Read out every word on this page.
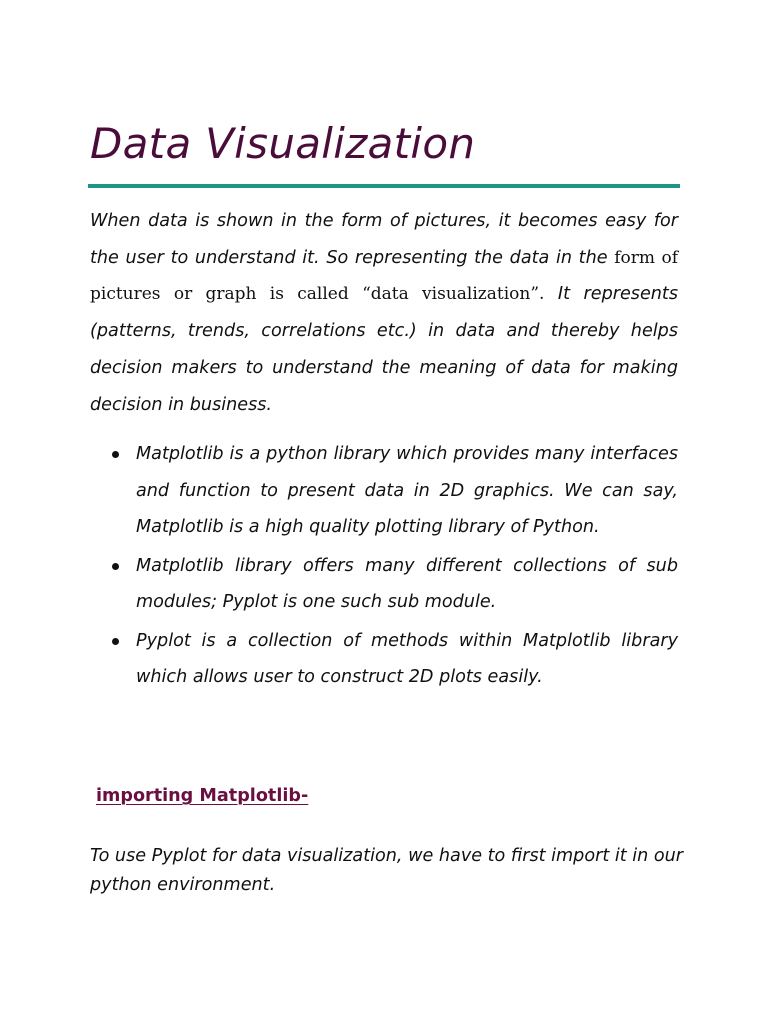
Data Visualization

When data is shown in the form of pictures, it becomes easy for the user to understand it. So representing the data in the form of pictures or graph is called “data visualization”. It represents (patterns, trends, correlations etc.) in data and thereby helps decision makers to understand the meaning of data for making decision in business.

Matplotlib is a python library which provides many interfaces and function to present data in 2D graphics. We can say, Matplotlib is a high quality plotting library of Python.
Matplotlib library offers many different collections of sub modules; Pyplot is one such sub module.
Pyplot is a collection of methods within Matplotlib library which allows user to construct 2D plots easily.
importing Matplotlib-

To use Pyplot for data visualization, we have to first import it in our python environment.
